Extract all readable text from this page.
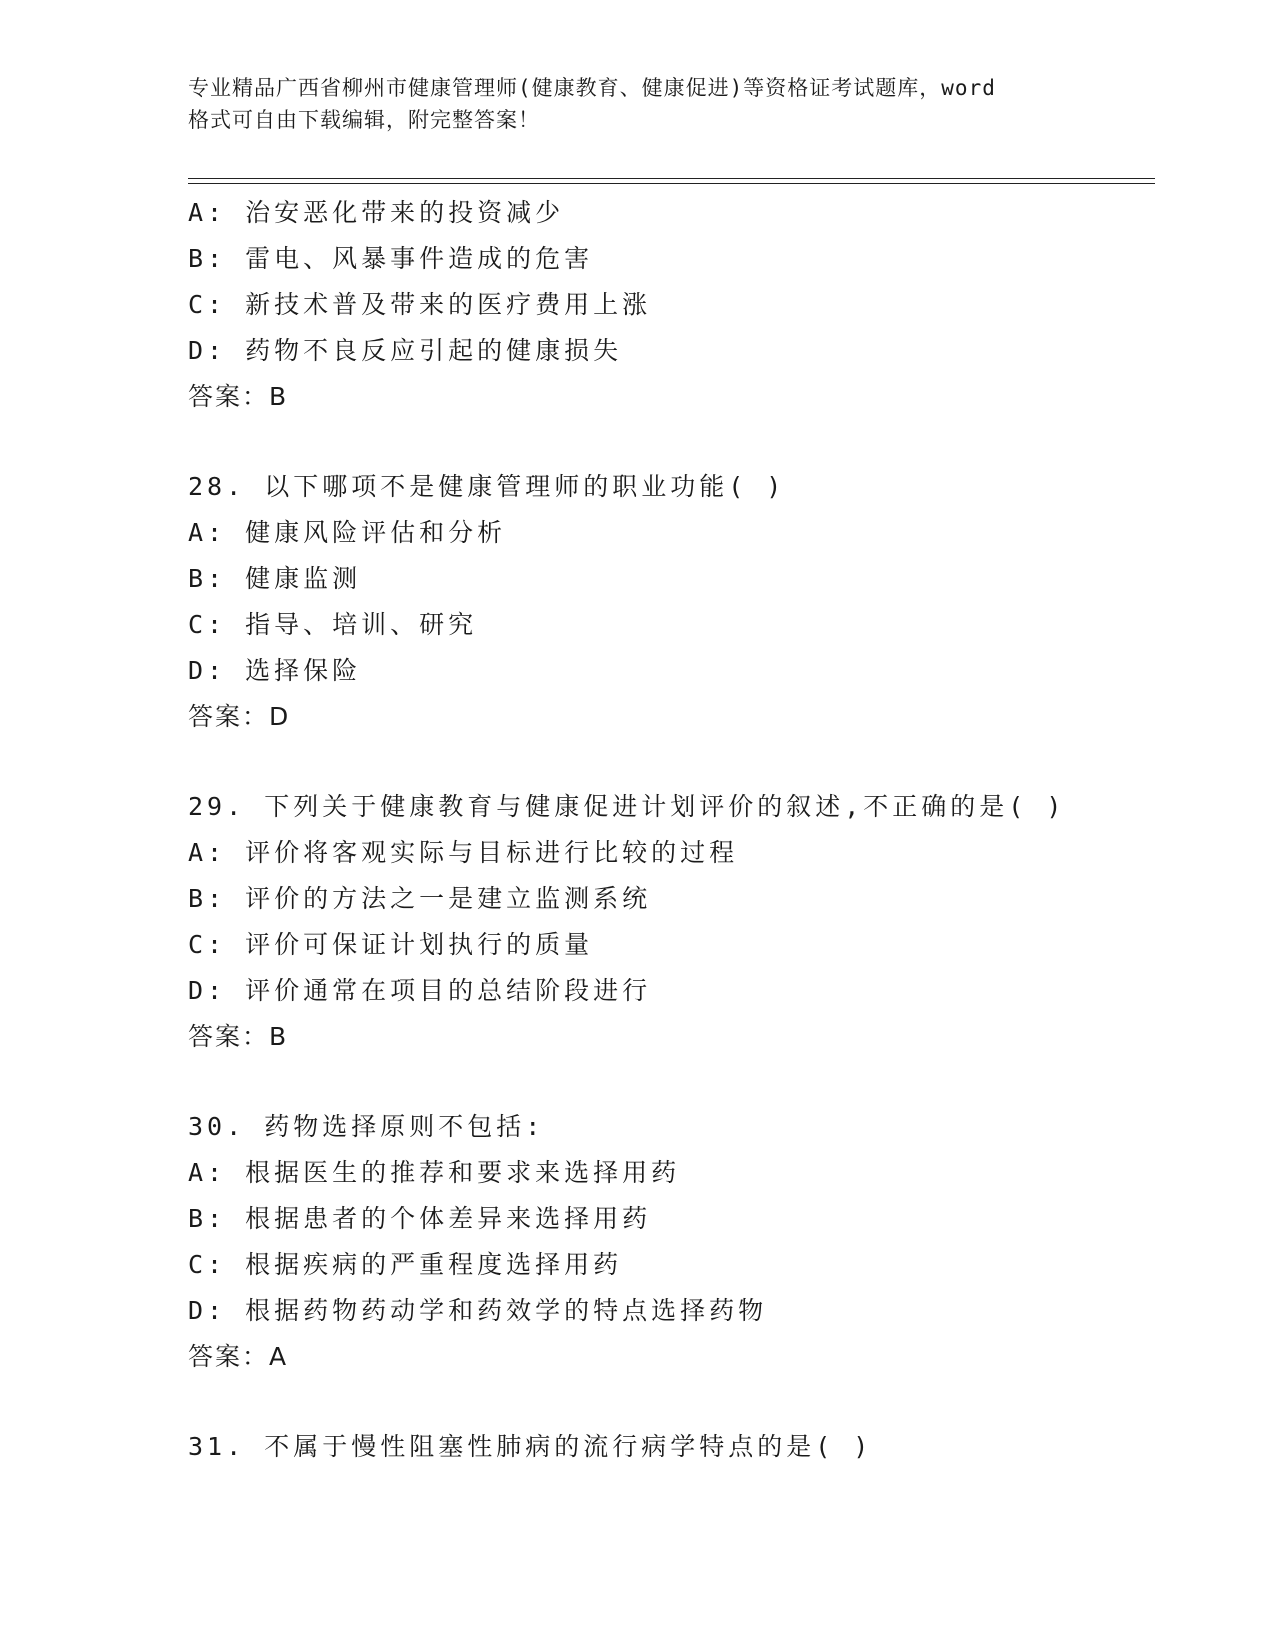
专业精品广西省柳州市健康管理师(健康教育、健康促进)等资格证考试题库，word

格式可自由下载编辑，附完整答案！

A: 治安恶化带来的投资减少
B: 雷电、风暴事件造成的危害
C: 新技术普及带来的医疗费用上涨
D: 药物不良反应引起的健康损失
答案：B
28. 以下哪项不是健康管理师的职业功能( )
A: 健康风险评估和分析
B: 健康监测
C: 指导、培训、研究
D: 选择保险
答案：D
29. 下列关于健康教育与健康促进计划评价的叙述,不正确的是( )
A: 评价将客观实际与目标进行比较的过程
B: 评价的方法之一是建立监测系统
C: 评价可保证计划执行的质量
D: 评价通常在项目的总结阶段进行
答案：B
30. 药物选择原则不包括:
A: 根据医生的推荐和要求来选择用药
B: 根据患者的个体差异来选择用药
C: 根据疾病的严重程度选择用药
D: 根据药物药动学和药效学的特点选择药物
答案：A
31. 不属于慢性阻塞性肺病的流行病学特点的是( )
